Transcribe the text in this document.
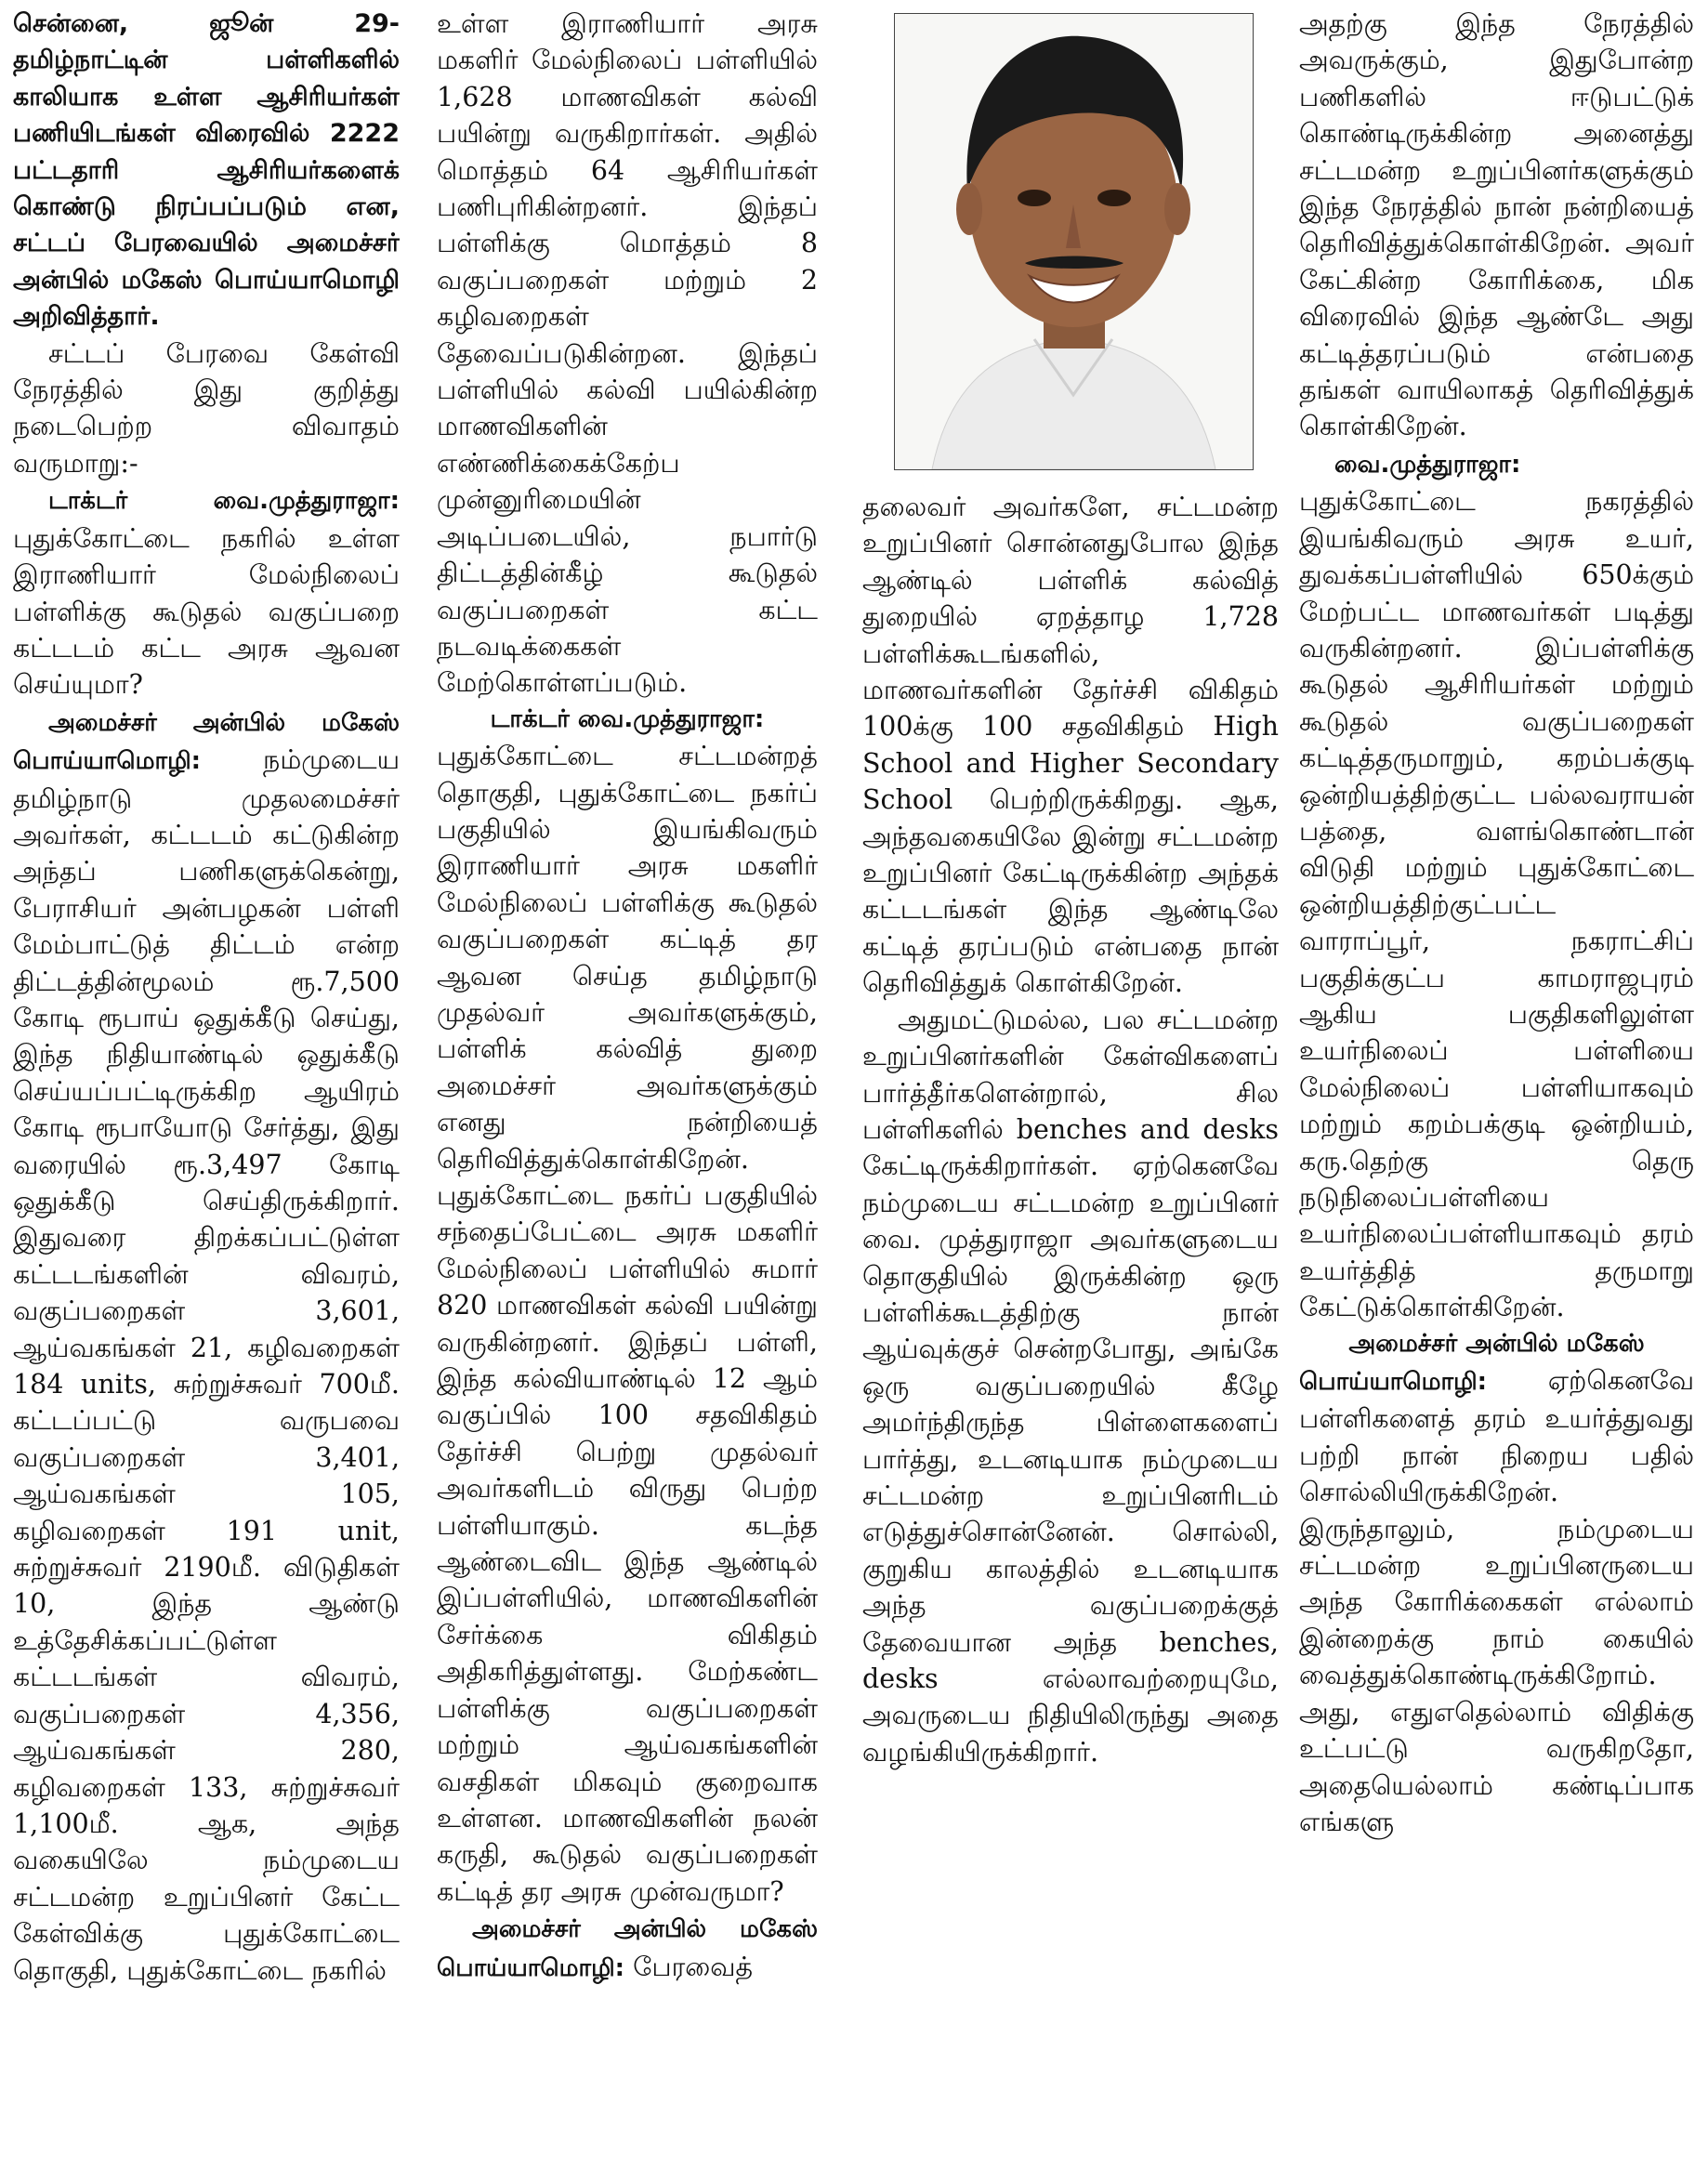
சென்னை, ஜூன் 29- தமிழ்நாட்டின் பள்ளிகளில் காலியாக உள்ள ஆசிரியர்கள் பணியிடங்கள் விரைவில் 2222 பட்டதாரி ஆசிரியர்களைக் கொண்டு நிரப்பப்படும் என, சட்டப் பேரவையில் அமைச்சர் அன்பில் மகேஸ் பொய்யாமொழி அறிவித்தார்.

சட்டப் பேரவை கேள்வி நேரத்தில் இது குறித்து நடைபெற்ற விவாதம் வருமாறு:-

டாக்டர் வை.முத்துராஜா: புதுக்கோட்டை நகரில் உள்ள இராணியார் மேல்நிலைப் பள்ளிக்கு கூடுதல் வகுப்பறை கட்டடம் கட்ட அரசு ஆவன செய்யுமா?

அமைச்சர் அன்பில் மகேஸ் பொய்யாமொழி: நம்முடைய தமிழ்நாடு முதலமைச்சர் அவர்கள், கட்டடம் கட்டுகின்ற அந்தப் பணிகளுக்கென்று, பேராசியர் அன்பழகன் பள்ளி மேம்பாட்டுத் திட்டம் என்ற திட்டத்தின்மூலம் ரூ.7,500 கோடி ரூபாய் ஒதுக்கீடு செய்து, இந்த நிதியாண்டில் ஒதுக்கீடு செய்யப்பட்டிருக்கிற ஆயிரம் கோடி ரூபாயோடு சேர்த்து, இது வரையில் ரூ.3,497 கோடி ஒதுக்கீடு செய்திருக்கிறார். இதுவரை திறக்கப்பட்டுள்ள கட்டடங்களின் விவரம், வகுப்பறைகள் 3,601, ஆய்வகங்கள் 21, கழிவறைகள் 184 units, சுற்றுச்சுவர் 700மீ. கட்டப்பட்டு வருபவை வகுப்பறைகள் 3,401, ஆய்வகங்கள் 105, கழிவறைகள் 191 unit, சுற்றுச்சுவர் 2190மீ. விடுதிகள் 10, இந்த ஆண்டு உத்தேசிக்கப்பட்டுள்ள கட்டடங்கள் விவரம், வகுப்பறைகள் 4,356, ஆய்வகங்கள் 280, கழிவறைகள் 133, சுற்றுச்சுவர் 1,100மீ. ஆக, அந்த வகையிலே நம்முடைய சட்டமன்ற உறுப்பினர் கேட்ட கேள்விக்கு புதுக்கோட்டை தொகுதி, புதுக்கோட்டை நகரில்

உள்ள இராணியார் அரசு மகளிர் மேல்நிலைப் பள்ளியில் 1,628 மாணவிகள் கல்வி பயின்று வருகிறார்கள். அதில் மொத்தம் 64 ஆசிரியர்கள் பணிபுரிகின்றனர். இந்தப் பள்ளிக்கு மொத்தம் 8 வகுப்பறைகள் மற்றும் 2 கழிவறைகள் தேவைப்படுகின்றன. இந்தப் பள்ளியில் கல்வி பயில்கின்ற மாணவிகளின் எண்ணிக்கைக்கேற்ப முன்னுரிமையின் அடிப்படையில், நபார்டு திட்டத்தின்கீழ் கூடுதல் வகுப்பறைகள் கட்ட நடவடிக்கைகள் மேற்கொள்ளப்படும்.

டாக்டர் வை.முத்துராஜா:

புதுக்கோட்டை சட்டமன்றத் தொகுதி, புதுக்கோட்டை நகர்ப் பகுதியில் இயங்கிவரும் இராணியார் அரசு மகளிர் மேல்நிலைப் பள்ளிக்கு கூடுதல் வகுப்பறைகள் கட்டித் தர ஆவன செய்த தமிழ்நாடு முதல்வர் அவர்களுக்கும், பள்ளிக் கல்வித் துறை அமைச்சர் அவர்களுக்கும் எனது நன்றியைத் தெரிவித்துக்கொள்கிறேன். புதுக்கோட்டை நகர்ப் பகுதியில் சந்தைப்பேட்டை அரசு மகளிர் மேல்நிலைப் பள்ளியில் சுமார் 820 மாணவிகள் கல்வி பயின்று வருகின்றனர். இந்தப் பள்ளி, இந்த கல்வியாண்டில் 12 ஆம் வகுப்பில் 100 சதவிகிதம் தேர்ச்சி பெற்று முதல்வர் அவர்களிடம் விருது பெற்ற பள்ளியாகும். கடந்த ஆண்டைவிட இந்த ஆண்டில் இப்பள்ளியில், மாணவிகளின் சேர்க்கை விகிதம் அதிகரித்துள்ளது. மேற்கண்ட பள்ளிக்கு வகுப்பறைகள் மற்றும் ஆய்வகங்களின் வசதிகள் மிகவும் குறைவாக உள்ளன. மாணவிகளின் நலன் கருதி, கூடுதல் வகுப்பறைகள் கட்டித் தர அரசு முன்வருமா?

அமைச்சர் அன்பில் மகேஸ் பொய்யாமொழி: பேரவைத்

தலைவர் அவர்களே, சட்டமன்ற உறுப்பினர் சொன்னதுபோல இந்த ஆண்டில் பள்ளிக் கல்வித் துறையில் ஏறத்தாழ 1,728 பள்ளிக்கூடங்களில், மாணவர்களின் தேர்ச்சி விகிதம் 100க்கு 100 சதவிகிதம் High School and Higher Secondary School பெற்றிருக்கிறது. ஆக, அந்தவகையிலே இன்று சட்டமன்ற உறுப்பினர் கேட்டிருக்கின்ற அந்தக் கட்டடங்கள் இந்த ஆண்டிலே கட்டித் தரப்படும் என்பதை நான் தெரிவித்துக் கொள்கிறேன்.

அதுமட்டுமல்ல, பல சட்டமன்ற உறுப்பினர்களின் கேள்விகளைப் பார்த்தீர்களென்றால், சில பள்ளிகளில் benches and desks கேட்டிருக்கிறார்கள். ஏற்கெனவே நம்முடைய சட்டமன்ற உறுப்பினர் வை. முத்துராஜா அவர்களுடைய தொகுதியில் இருக்கின்ற ஒரு பள்ளிக்கூடத்திற்கு நான் ஆய்வுக்குச் சென்றபோது, அங்கே ஒரு வகுப்பறையில் கீழே அமர்ந்திருந்த பிள்ளைகளைப் பார்த்து, உடனடியாக நம்முடைய சட்டமன்ற உறுப்பினரிடம் எடுத்துச்சொன்னேன். சொல்லி, குறுகிய காலத்தில் உடனடியாக அந்த வகுப்பறைக்குத் தேவையான அந்த benches, desks எல்லாவற்றையுமே, அவருடைய நிதியிலிருந்து அதை வழங்கியிருக்கிறார்.

அதற்கு இந்த நேரத்தில் அவருக்கும், இதுபோன்ற பணிகளில் ஈடுபட்டுக் கொண்டிருக்கின்ற அனைத்து சட்டமன்ற உறுப்பினர்களுக்கும் இந்த நேரத்தில் நான் நன்றியைத் தெரிவித்துக்கொள்கிறேன். அவர் கேட்கின்ற கோரிக்கை, மிக விரைவில் இந்த ஆண்டே அது கட்டித்தரப்படும் என்பதை தங்கள் வாயிலாகத் தெரிவித்துக் கொள்கிறேன்.

வை.முத்துராஜா: புதுக்கோட்டை நகரத்தில் இயங்கிவரும் அரசு உயர், துவக்கப்பள்ளியில் 650க்கும் மேற்பட்ட மாணவர்கள் படித்து வருகின்றனர். இப்பள்ளிக்கு கூடுதல் ஆசிரியர்கள் மற்றும் கூடுதல் வகுப்பறைகள் கட்டித்தருமாறும், கறம்பக்குடி ஒன்றியத்திற்குட்ட பல்லவராயன் பத்தை, வளங்கொண்டான் விடுதி மற்றும் புதுக்கோட்டை ஒன்றியத்திற்குட்பட்ட வாராப்பூர், நகராட்சிப் பகுதிக்குட்ப காமராஜபுரம் ஆகிய பகுதிகளிலுள்ள உயர்நிலைப் பள்ளியை மேல்நிலைப் பள்ளியாகவும் மற்றும் கறம்பக்குடி ஒன்றியம், கரு.தெற்கு தெரு நடுநிலைப்பள்ளியை உயர்நிலைப்பள்ளியாகவும் தரம் உயர்த்தித் தருமாறு கேட்டுக்கொள்கிறேன்.

அமைச்சர் அன்பில் மகேஸ்

பொய்யாமொழி: ஏற்கெனவே பள்ளிகளைத் தரம் உயர்த்துவது பற்றி நான் நிறைய பதில் சொல்லியிருக்கிறேன். இருந்தாலும், நம்முடைய சட்டமன்ற உறுப்பினருடைய அந்த கோரிக்கைகள் எல்லாம் இன்றைக்கு நாம் கையில் வைத்துக்கொண்டிருக்கிறோம். அது, எதுஎதெல்லாம் விதிக்கு உட்பட்டு வருகிறதோ, அதையெல்லாம் கண்டிப்பாக எங்களு
